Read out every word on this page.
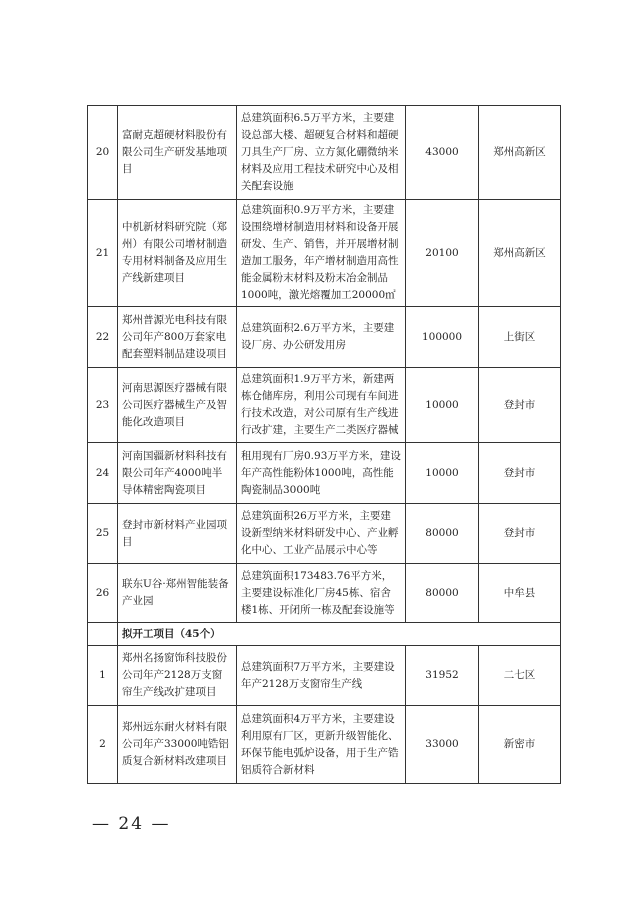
20	富耐克超硬材料股份有限公司生产研发基地项目	总建筑面积6.5万平方米，主要建设总部大楼、超硬复合材料和超硬刀具生产厂房、立方氮化硼微纳米材料及应用工程技术研究中心及相关配套设施	43000	郑州高新区
21	中机新材料研究院（郑州）有限公司增材制造专用材料制备及应用生产线新建项目	总建筑面积0.9万平方米，主要建设围绕增材制造用材料和设备开展研发、生产、销售，并开展增材制造加工服务，年产增材制造用高性能金属粉末材料及粉末冶金制品1000吨，激光熔覆加工20000㎡	20100	郑州高新区
22	郑州普源光电科技有限公司年产800万套家电配套塑料制品建设项目	总建筑面积2.6万平方米，主要建设厂房、办公研发用房	100000	上街区
23	河南思源医疗器械有限公司医疗器械生产及智能化改造项目	总建筑面积1.9万平方米，新建两栋仓储库房，利用公司现有车间进行技术改造，对公司原有生产线进行改扩建，主要生产二类医疗器械	10000	登封市
24	河南国疆新材料科技有限公司年产4000吨半导体精密陶瓷项目	租用现有厂房0.93万平方米，建设年产高性能粉体1000吨，高性能陶瓷制品3000吨	10000	登封市
25	登封市新材料产业园项目	总建筑面积26万平方米，主要建设新型纳米材料研发中心、产业孵化中心、工业产品展示中心等	80000	登封市
26	联东U谷·郑州智能装备产业园	总建筑面积173483.76平方米，主要建设标准化厂房45栋、宿舍楼1栋、开闭所一栋及配套设施等	80000	中牟县
	拟开工项目（45个）			
1	郑州名扬窗饰科技股份公司年产2128万支窗帘生产线改扩建项目	总建筑面积7万平方米，主要建设年产2128万支窗帘生产线	31952	二七区
2	郑州远东耐火材料有限公司年产33000吨锆铝质复合新材料改建项目	总建筑面积4万平方米，主要建设利用原有厂区，更新升级智能化、环保节能电弧炉设备，用于生产锆铝质符合新材料	33000	新密市
— 24 —
